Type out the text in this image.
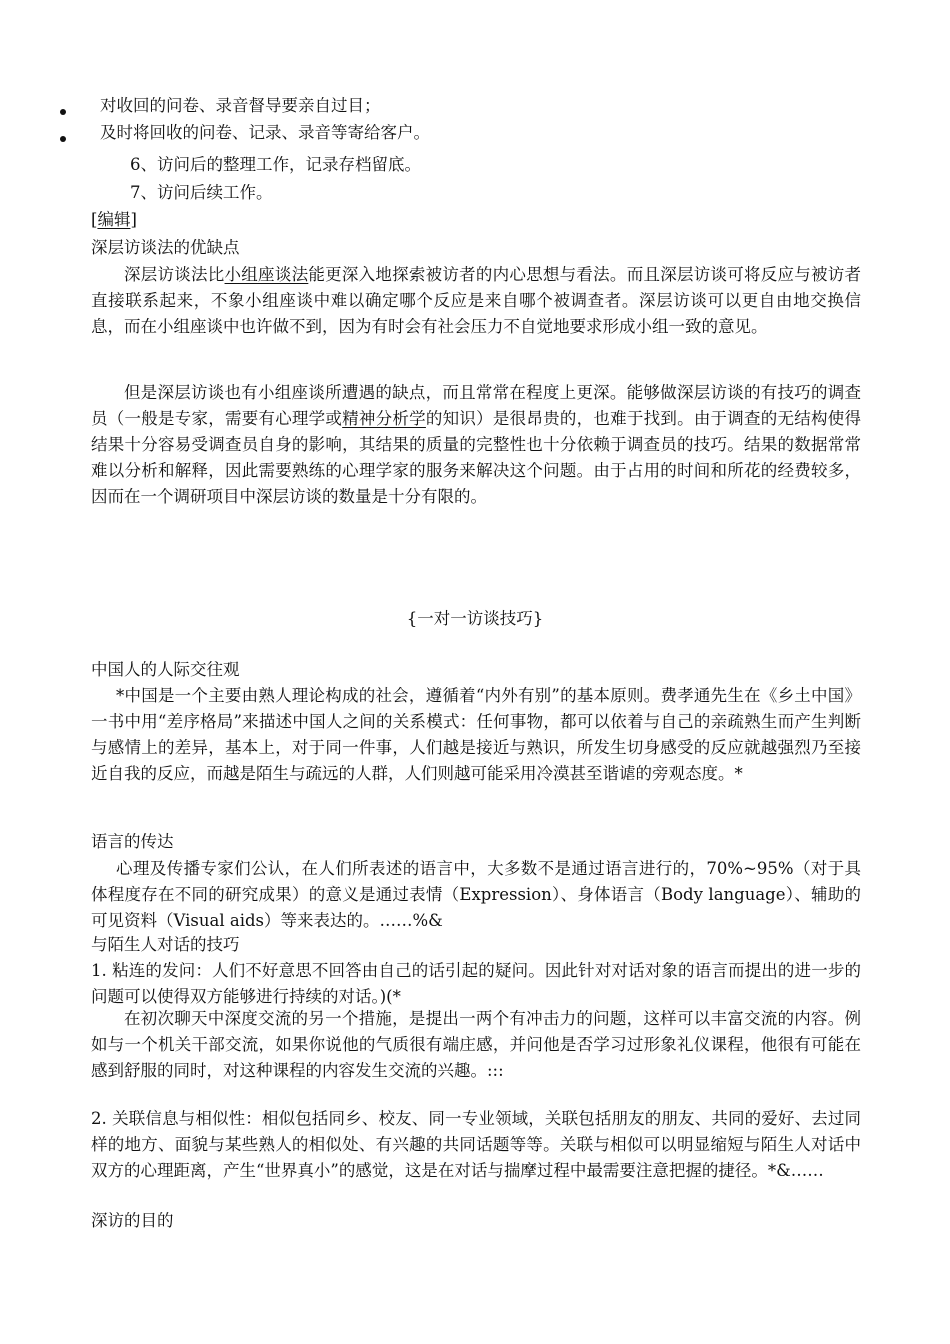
对收回的问卷、录音督导要亲自过目；
及时将回收的问卷、记录、录音等寄给客户。
6、访问后的整理工作，记录存档留底。
7、访问后续工作。
[编辑]
深层访谈法的优缺点
深层访谈法比小组座谈法能更深入地探索被访者的内心思想与看法。而且深层访谈可将反应与被访者直接联系起来，不象小组座谈中难以确定哪个反应是来自哪个被调查者。深层访谈可以更自由地交换信息，而在小组座谈中也许做不到，因为有时会有社会压力不自觉地要求形成小组一致的意见。
但是深层访谈也有小组座谈所遭遇的缺点，而且常常在程度上更深。能够做深层访谈的有技巧的调查员（一般是专家，需要有心理学或精神分析学的知识）是很昂贵的，也难于找到。由于调查的无结构使得结果十分容易受调查员自身的影响，其结果的质量的完整性也十分依赖于调查员的技巧。结果的数据常常难以分析和解释，因此需要熟练的心理学家的服务来解决这个问题。由于占用的时间和所花的经费较多，因而在一个调研项目中深层访谈的数量是十分有限的。
{一对一访谈技巧}
中国人的人际交往观
*中国是一个主要由熟人理论构成的社会，遵循着“内外有别”的基本原则。费孝通先生在《乡土中国》一书中用“差序格局”来描述中国人之间的关系模式：任何事物，都可以依着与自己的亲疏熟生而产生判断与感情上的差异，基本上，对于同一件事，人们越是接近与熟识，所发生切身感受的反应就越强烈乃至接近自我的反应，而越是陌生与疏远的人群，人们则越可能采用冷漠甚至谐谑的旁观态度。*
语言的传达
心理及传播专家们公认，在人们所表述的语言中，大多数不是通过语言进行的，70%~95%（对于具体程度存在不同的研究成果）的意义是通过表情（Expression）、身体语言（Body language）、辅助的可见资料（Visual aids）等来表达的。……%&
与陌生人对话的技巧
1. 粘连的发问：人们不好意思不回答由自己的话引起的疑问。因此针对对话对象的语言而提出的进一步的问题可以使得双方能够进行持续的对话。)(*
在初次聊天中深度交流的另一个措施，是提出一两个有冲击力的问题，这样可以丰富交流的内容。例如与一个机关干部交流，如果你说他的气质很有端庄感，并问他是否学习过形象礼仪课程，他很有可能在感到舒服的同时，对这种课程的内容发生交流的兴趣。:::
2. 关联信息与相似性：相似包括同乡、校友、同一专业领域，关联包括朋友的朋友、共同的爱好、去过同样的地方、面貌与某些熟人的相似处、有兴趣的共同话题等等。关联与相似可以明显缩短与陌生人对话中双方的心理距离，产生“世界真小”的感觉，这是在对话与揣摩过程中最需要注意把握的捷径。*&……
深访的目的
